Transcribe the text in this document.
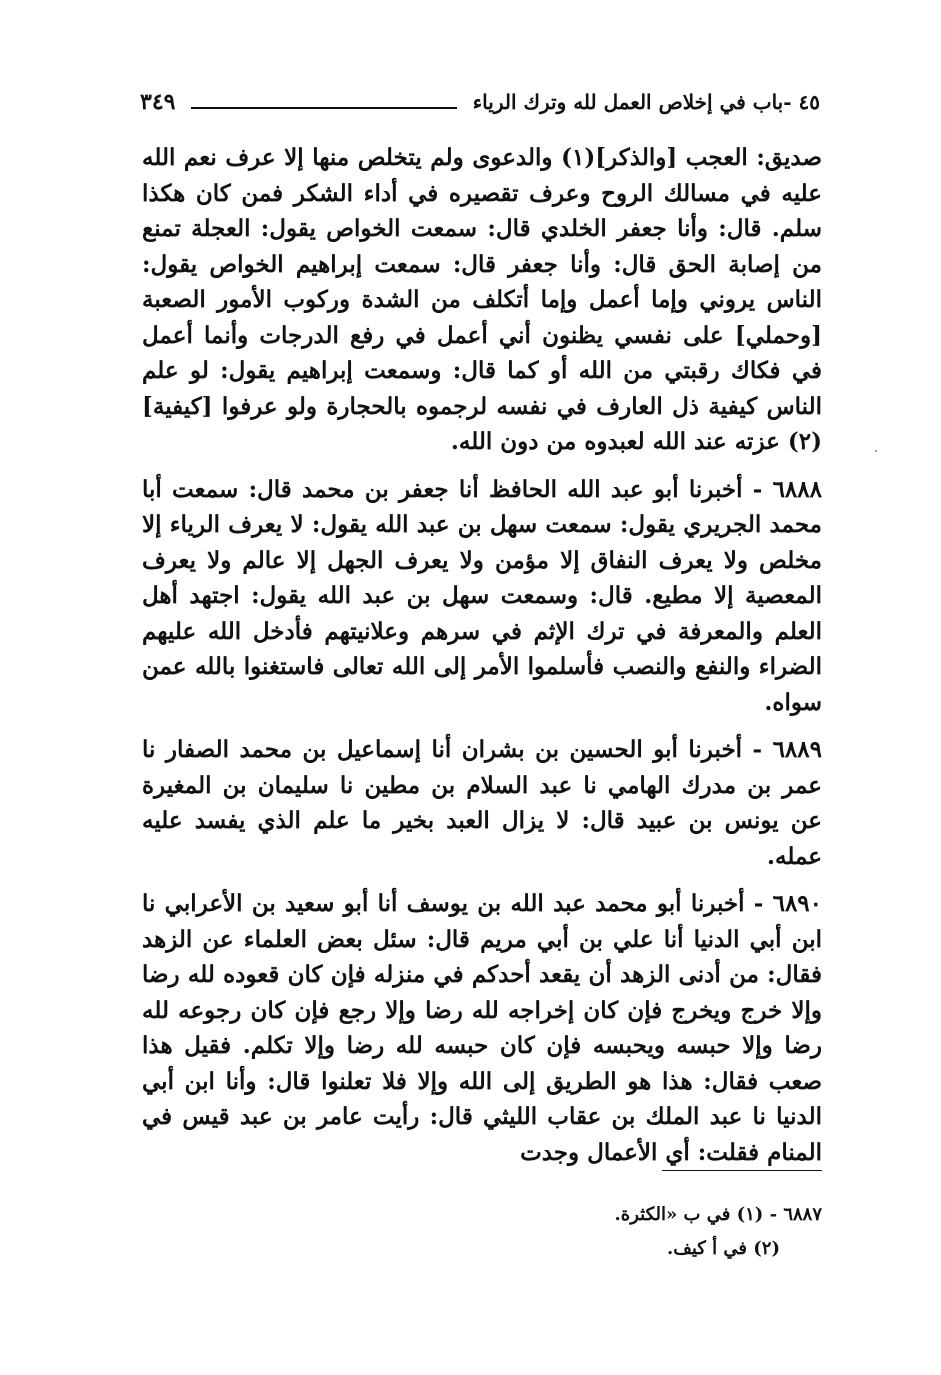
٤٥ -باب في إخلاص العمل لله وترك الرياء
٣٤٩

صديق: العجب [والذكر](١) والدعوى ولم يتخلص منها إلا عرف نعم الله عليه في مسالك الروح وعرف تقصيره في أداء الشكر فمن كان هكذا سلم. قال: وأنا جعفر الخلدي قال: سمعت الخواص يقول: العجلة تمنع من إصابة الحق قال: وأنا جعفر قال: سمعت إبراهيم الخواص يقول: الناس يروني وإما أعمل وإما أتكلف من الشدة وركوب الأمور الصعبة [وحملي] على نفسي يظنون أني أعمل في رفع الدرجات وأنما أعمل في فكاك رقبتي من الله أو كما قال: وسمعت إبراهيم يقول: لو علم الناس كيفية ذل العارف في نفسه لرجموه بالحجارة ولو عرفوا [كيفية](٢) عزته عند الله لعبدوه من دون الله.

٦٨٨٨ - أخبرنا أبو عبد الله الحافظ أنا جعفر بن محمد قال: سمعت أبا محمد الجريري يقول: سمعت سهل بن عبد الله يقول: لا يعرف الرياء إلا مخلص ولا يعرف النفاق إلا مؤمن ولا يعرف الجهل إلا عالم ولا يعرف المعصية إلا مطيع. قال: وسمعت سهل بن عبد الله يقول: اجتهد أهل العلم والمعرفة في ترك الإثم في سرهم وعلانيتهم فأدخل الله عليهم الضراء والنفع والنصب فأسلموا الأمر إلى الله تعالى فاستغنوا بالله عمن سواه.

٦٨٨٩ - أخبرنا أبو الحسين بن بشران أنا إسماعيل بن محمد الصفار نا عمر بن مدرك الهامي نا عبد السلام بن مطين نا سليمان بن المغيرة عن يونس بن عبيد قال: لا يزال العبد بخير ما علم الذي يفسد عليه عمله.

٦٨٩٠ - أخبرنا أبو محمد عبد الله بن يوسف أنا أبو سعيد بن الأعرابي نا ابن أبي الدنيا أنا علي بن أبي مريم قال: سئل بعض العلماء عن الزهد فقال: من أدنى الزهد أن يقعد أحدكم في منزله فإن كان قعوده لله رضا وإلا خرج ويخرج فإن كان إخراجه لله رضا وإلا رجع فإن كان رجوعه لله رضا وإلا حبسه ويحبسه فإن كان حبسه لله رضا وإلا تكلم. فقيل هذا صعب فقال: هذا هو الطريق إلى الله وإلا فلا تعلنوا قال: وأنا ابن أبي الدنيا نا عبد الملك بن عقاب الليثي قال: رأيت عامر بن عبد قيس في المنام فقلت: أي الأعمال وجدت

٦٨٨٧ - (١) في ب «الكثرة.

(٢) في أ كيف.
